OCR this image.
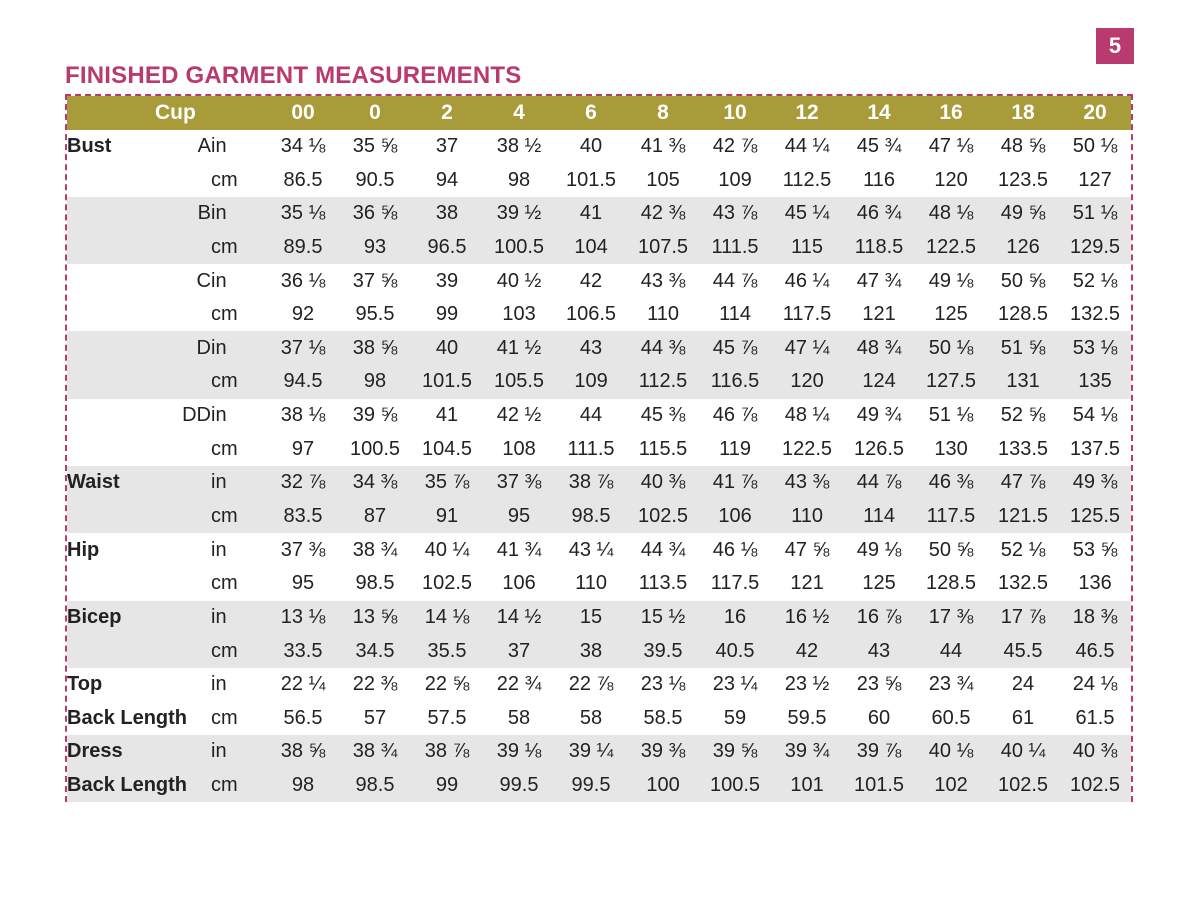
5
FINISHED GARMENT MEASUREMENTS
	Cup		00	0	2	4	6	8	10	12	14	16	18	20
Bust	A	in	34 ⅛	35 ⅝	37	38 ½	40	41 ⅜	42 ⅞	44 ¼	45 ¾	47 ⅛	48 ⅝	50 ⅛
		cm	86.5	90.5	94	98	101.5	105	109	112.5	116	120	123.5	127
	B	in	35 ⅛	36 ⅝	38	39 ½	41	42 ⅜	43 ⅞	45 ¼	46 ¾	48 ⅛	49 ⅝	51 ⅛
		cm	89.5	93	96.5	100.5	104	107.5	111.5	115	118.5	122.5	126	129.5
	C	in	36 ⅛	37 ⅝	39	40 ½	42	43 ⅜	44 ⅞	46 ¼	47 ¾	49 ⅛	50 ⅝	52 ⅛
		cm	92	95.5	99	103	106.5	110	114	117.5	121	125	128.5	132.5
	D	in	37 ⅛	38 ⅝	40	41 ½	43	44 ⅜	45 ⅞	47 ¼	48 ¾	50 ⅛	51 ⅝	53 ⅛
		cm	94.5	98	101.5	105.5	109	112.5	116.5	120	124	127.5	131	135
	DD	in	38 ⅛	39 ⅝	41	42 ½	44	45 ⅜	46 ⅞	48 ¼	49 ¾	51 ⅛	52 ⅝	54 ⅛
		cm	97	100.5	104.5	108	111.5	115.5	119	122.5	126.5	130	133.5	137.5
Waist		in	32 ⅞	34 ⅜	35 ⅞	37 ⅜	38 ⅞	40 ⅜	41 ⅞	43 ⅜	44 ⅞	46 ⅜	47 ⅞	49 ⅜
		cm	83.5	87	91	95	98.5	102.5	106	110	114	117.5	121.5	125.5
Hip		in	37 ⅜	38 ¾	40 ¼	41 ¾	43 ¼	44 ¾	46 ⅛	47 ⅝	49 ⅛	50 ⅝	52 ⅛	53 ⅝
		cm	95	98.5	102.5	106	110	113.5	117.5	121	125	128.5	132.5	136
Bicep		in	13 ⅛	13 ⅝	14 ⅛	14 ½	15	15 ½	16	16 ½	16 ⅞	17 ⅜	17 ⅞	18 ⅜
		cm	33.5	34.5	35.5	37	38	39.5	40.5	42	43	44	45.5	46.5
Top		in	22 ¼	22 ⅜	22 ⅝	22 ¾	22 ⅞	23 ⅛	23 ¼	23 ½	23 ⅝	23 ¾	24	24 ⅛
Back Length		cm	56.5	57	57.5	58	58	58.5	59	59.5	60	60.5	61	61.5
Dress		in	38 ⅝	38 ¾	38 ⅞	39 ⅛	39 ¼	39 ⅜	39 ⅝	39 ¾	39 ⅞	40 ⅛	40 ¼	40 ⅜
Back Length		cm	98	98.5	99	99.5	99.5	100	100.5	101	101.5	102	102.5	102.5
